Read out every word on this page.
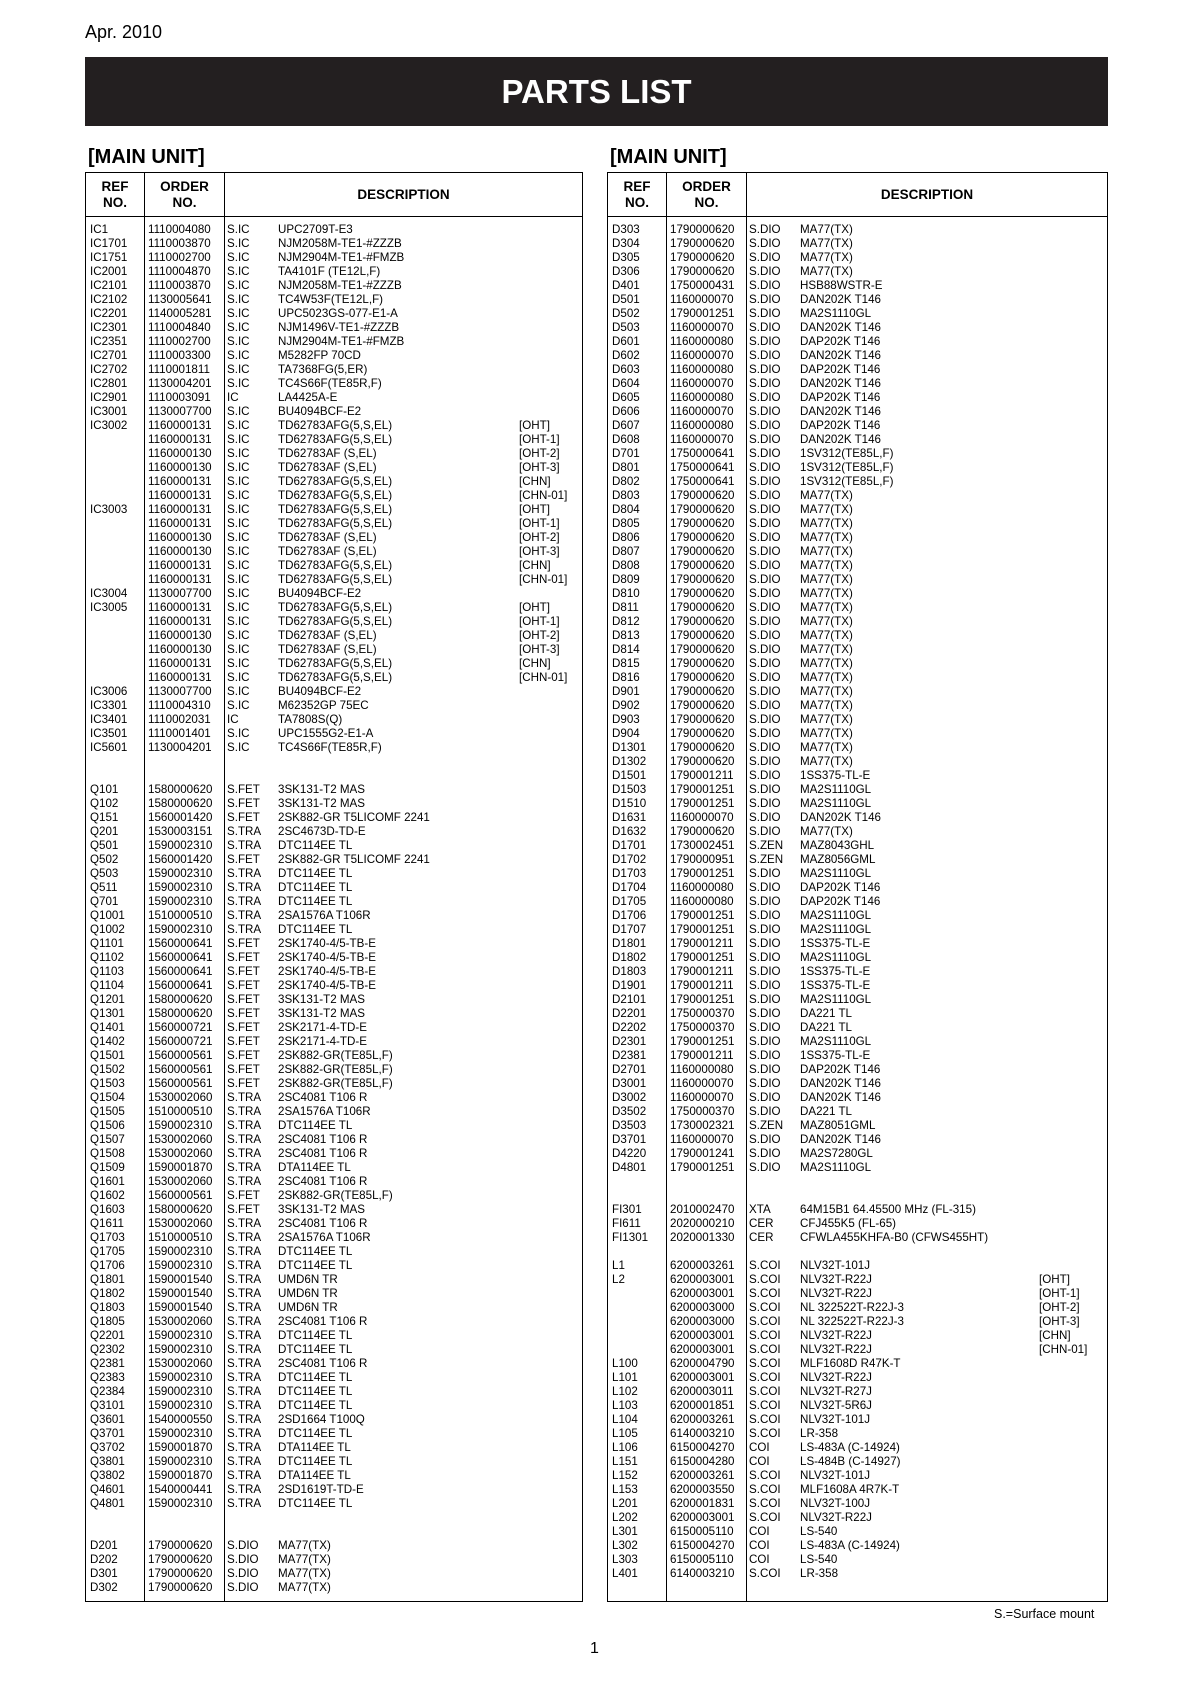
Apr. 2010
PARTS LIST
[MAIN UNIT]	[MAIN UNIT]
REF
NO.
ORDER
NO.
DESCRIPTION
IC1	1110004080 S.IC UPC2709T-E3
IC1701 1110003870 S.IC NJM2058M-TE1-#ZZZB
IC1751 1110002700 S.IC NJM2904M-TE1-#FMZB
IC2001 1110004870 S.IC TA4101F (TE12L,F)
IC2101 1110003870 S.IC NJM2058M-TE1-#ZZZB
IC2102 1130005641 S.IC TC4W53F(TE12L,F)
IC2201 1140005281 S.IC UPC5023GS-077-E1-A
IC2301 1110004840 S.IC NJM1496V-TE1-#ZZZB
IC2351 1110002700 S.IC NJM2904M-TE1-#FMZB
IC2701 1110003300 S.IC M5282FP 70CD
IC2702 1110001811 S.IC TA7368FG(5,ER)
IC2801 1130004201 S.IC TC4S66F(TE85R,F)
IC2901 1110003091 IC	LA4425A-E
IC3001 1130007700 S.IC BU4094BCF-E2
IC3002 1160000131 S.IC TD62783AFG(5,S,EL)	[OHT]
1160000131 S.IC TD62783AFG(5,S,EL)	[OHT-1]
1160000130 S.IC TD62783AF (S,EL)	[OHT-2]
1160000130 S.IC TD62783AF (S,EL)	[OHT-3]
1160000131 S.IC TD62783AFG(5,S,EL)	[CHN]
1160000131 S.IC TD62783AFG(5,S,EL)	[CHN-01]
IC3003 1160000131 S.IC TD62783AFG(5,S,EL)	[OHT]
1160000131 S.IC TD62783AFG(5,S,EL)	[OHT-1]
1160000130 S.IC TD62783AF (S,EL)	[OHT-2]
1160000130 S.IC TD62783AF (S,EL)	[OHT-3]
1160000131 S.IC TD62783AFG(5,S,EL)	[CHN]
1160000131 S.IC TD62783AFG(5,S,EL)	[CHN-01]
IC3004 1130007700 S.IC BU4094BCF-E2
IC3005 1160000131 S.IC TD62783AFG(5,S,EL)	[OHT]
1160000131 S.IC TD62783AFG(5,S,EL)	[OHT-1]
1160000130 S.IC TD62783AF (S,EL)	[OHT-2]
1160000130 S.IC TD62783AF (S,EL)	[OHT-3]
1160000131 S.IC TD62783AFG(5,S,EL)	[CHN]
1160000131 S.IC TD62783AFG(5,S,EL)	[CHN-01]
IC3006 1130007700 S.IC BU4094BCF-E2
IC3301 1110004310 S.IC M62352GP 75EC
IC3401 1110002031 IC	TA7808S(Q)
IC3501 1110001401 S.IC UPC1555G2-E1-A
IC5601 1130004201 S.IC TC4S66F(TE85R,F)
Q101	1580000620 S.FET 3SK131-T2 MAS
Q102	1580000620 S.FET 3SK131-T2 MAS
Q151	1560001420 S.FET 2SK882-GR T5LICOMF 2241
Q201	1530003151 S.TRA 2SC4673D-TD-E
Q501	1590002310 S.TRA DTC114EE TL
Q502	1560001420 S.FET 2SK882-GR T5LICOMF 2241
Q503	1590002310 S.TRA DTC114EE TL
Q511	1590002310 S.TRA DTC114EE TL
Q701	1590002310 S.TRA DTC114EE TL
Q1001 1510000510 S.TRA 2SA1576A T106R
Q1002 1590002310 S.TRA DTC114EE TL
Q1101 1560000641 S.FET 2SK1740-4/5-TB-E
Q1102 1560000641 S.FET 2SK1740-4/5-TB-E
Q1103 1560000641 S.FET 2SK1740-4/5-TB-E
Q1104 1560000641 S.FET 2SK1740-4/5-TB-E
Q1201 1580000620 S.FET 3SK131-T2 MAS
Q1301 1580000620 S.FET 3SK131-T2 MAS
Q1401 1560000721 S.FET 2SK2171-4-TD-E
Q1402 1560000721 S.FET 2SK2171-4-TD-E
Q1501 1560000561 S.FET 2SK882-GR(TE85L,F)
Q1502 1560000561 S.FET 2SK882-GR(TE85L,F)
Q1503 1560000561 S.FET 2SK882-GR(TE85L,F)
Q1504 1530002060 S.TRA 2SC4081 T106 R
Q1505 1510000510 S.TRA 2SA1576A T106R
Q1506 1590002310 S.TRA DTC114EE TL
Q1507 1530002060 S.TRA 2SC4081 T106 R
Q1508 1530002060 S.TRA 2SC4081 T106 R
Q1509 1590001870 S.TRA DTA114EE TL
Q1601 1530002060 S.TRA 2SC4081 T106 R
Q1602 1560000561 S.FET 2SK882-GR(TE85L,F)
Q1603 1580000620 S.FET 3SK131-T2 MAS
Q1611 1530002060 S.TRA 2SC4081 T106 R
Q1703 1510000510 S.TRA 2SA1576A T106R
Q1705 1590002310 S.TRA DTC114EE TL
Q1706 1590002310 S.TRA DTC114EE TL
Q1801 1590001540 S.TRA UMD6N TR
Q1802 1590001540 S.TRA UMD6N TR
Q1803 1590001540 S.TRA UMD6N TR
Q1805 1530002060 S.TRA 2SC4081 T106 R
Q2201 1590002310 S.TRA DTC114EE TL
Q2302 1590002310 S.TRA DTC114EE TL
Q2381 1530002060 S.TRA 2SC4081 T106 R
Q2383 1590002310 S.TRA DTC114EE TL
Q2384 1590002310 S.TRA DTC114EE TL
Q3101 1590002310 S.TRA DTC114EE TL
Q3601 1540000550 S.TRA 2SD1664 T100Q
Q3701 1590002310 S.TRA DTC114EE TL
Q3702 1590001870 S.TRA DTA114EE TL
Q3801 1590002310 S.TRA DTC114EE TL
Q3802 1590001870 S.TRA DTA114EE TL
Q4601 1540000441 S.TRA 2SD1619T-TD-E
Q4801 1590002310 S.TRA DTC114EE TL
D201	1790000620 S.DIO MA77(TX)
D202	1790000620 S.DIO MA77(TX)
D301	1790000620 S.DIO MA77(TX)
D302	1790000620 S.DIO MA77(TX)
REF
NO.
ORDER
NO.
DESCRIPTION
D303	1790000620 S.DIO MA77(TX)
D304	1790000620 S.DIO MA77(TX)
D305	1790000620 S.DIO MA77(TX)
D306	1790000620 S.DIO MA77(TX)
D401	1750000431 S.DIO HSB88WSTR-E
D501	1160000070 S.DIO DAN202K T146
D502	1790001251 S.DIO MA2S1110GL
D503	1160000070 S.DIO DAN202K T146
D601	1160000080 S.DIO DAP202K T146
D602	1160000070 S.DIO DAN202K T146
D603	1160000080 S.DIO DAP202K T146
D604	1160000070 S.DIO DAN202K T146
D605	1160000080 S.DIO DAP202K T146
D606	1160000070 S.DIO DAN202K T146
D607	1160000080 S.DIO DAP202K T146
D608	1160000070 S.DIO DAN202K T146
D701	1750000641 S.DIO 1SV312(TE85L,F)
D801	1750000641 S.DIO 1SV312(TE85L,F)
D802	1750000641 S.DIO 1SV312(TE85L,F)
D803	1790000620 S.DIO MA77(TX)
D804	1790000620 S.DIO MA77(TX)
D805	1790000620 S.DIO MA77(TX)
D806	1790000620 S.DIO MA77(TX)
D807	1790000620 S.DIO MA77(TX)
D808	1790000620 S.DIO MA77(TX)
D809	1790000620 S.DIO MA77(TX)
D810	1790000620 S.DIO MA77(TX)
D811	1790000620 S.DIO MA77(TX)
D812	1790000620 S.DIO MA77(TX)
D813	1790000620 S.DIO MA77(TX)
D814	1790000620 S.DIO MA77(TX)
D815	1790000620 S.DIO MA77(TX)
D816	1790000620 S.DIO MA77(TX)
D901	1790000620 S.DIO MA77(TX)
D902	1790000620 S.DIO MA77(TX)
D903	1790000620 S.DIO MA77(TX)
D904	1790000620 S.DIO MA77(TX)
D1301 1790000620 S.DIO MA77(TX)
D1302 1790000620 S.DIO MA77(TX)
D1501 1790001211 S.DIO 1SS375-TL-E
D1503 1790001251 S.DIO MA2S1110GL
D1510 1790001251 S.DIO MA2S1110GL
D1631 1160000070 S.DIO DAN202K T146
D1632 1790000620 S.DIO MA77(TX)
D1701 1730002451 S.ZEN MAZ8043GHL
D1702 1790000951 S.ZEN MAZ8056GML
D1703 1790001251 S.DIO MA2S1110GL
D1704 1160000080 S.DIO DAP202K T146
D1705 1160000080 S.DIO DAP202K T146
D1706 1790001251 S.DIO MA2S1110GL
D1707 1790001251 S.DIO MA2S1110GL
D1801 1790001211 S.DIO 1SS375-TL-E
D1802 1790001251 S.DIO MA2S1110GL
D1803 1790001211 S.DIO 1SS375-TL-E
D1901 1790001211 S.DIO 1SS375-TL-E
D2101 1790001251 S.DIO MA2S1110GL
D2201 1750000370 S.DIO DA221 TL
D2202 1750000370 S.DIO DA221 TL
D2301 1790001251 S.DIO MA2S1110GL
D2381 1790001211 S.DIO 1SS375-TL-E
D2701 1160000080 S.DIO DAP202K T146
D3001 1160000070 S.DIO DAN202K T146
D3002 1160000070 S.DIO DAN202K T146
D3502 1750000370 S.DIO DA221 TL
D3503 1730002321 S.ZEN MAZ8051GML
D3701 1160000070 S.DIO DAN202K T146
D4220 1790001241 S.DIO MA2S7280GL
D4801 1790001251 S.DIO MA2S1110GL
FI301 2010002470 XTA	64M15B1 64.45500 MHz (FL-315)
FI611	2020000210 CER CFJ455K5 (FL-65)
FI1301 2020001330 CER CFWLA455KHFA-B0 (CFWS455HT)
L1	6200003261 S.COI NLV32T-101J
L2	6200003001 S.COI NLV32T-R22J	[OHT]
6200003001 S.COI NLV32T-R22J	[OHT-1]
6200003000 S.COI NL 322522T-R22J-3	[OHT-2]
6200003000 S.COI NL 322522T-R22J-3	[OHT-3]
6200003001 S.COI NLV32T-R22J	[CHN]
6200003001 S.COI NLV32T-R22J	[CHN-01]
L100	6200004790 S.COI MLF1608D R47K-T
L101	6200003001 S.COI NLV32T-R22J
L102	6200003011 S.COI NLV32T-R27J
L103	6200001851 S.COI NLV32T-5R6J
L104	6200003261 S.COI NLV32T-101J
L105	6140003210 S.COI LR-358
L106	6150004270 COI	LS-483A (C-14924)
L151	6150004280 COI	LS-484B (C-14927)
L152	6200003261 S.COI NLV32T-101J
L153	6200003550 S.COI MLF1608A 4R7K-T
L201	6200001831 S.COI NLV32T-100J
L202	6200003001 S.COI NLV32T-R22J
L301	6150005110 COI	LS-540
L302	6150004270 COI	LS-483A (C-14924)
L303	6150005110 COI	LS-540
L401	6140003210 S.COI LR-358
S.=Surface mount
1
